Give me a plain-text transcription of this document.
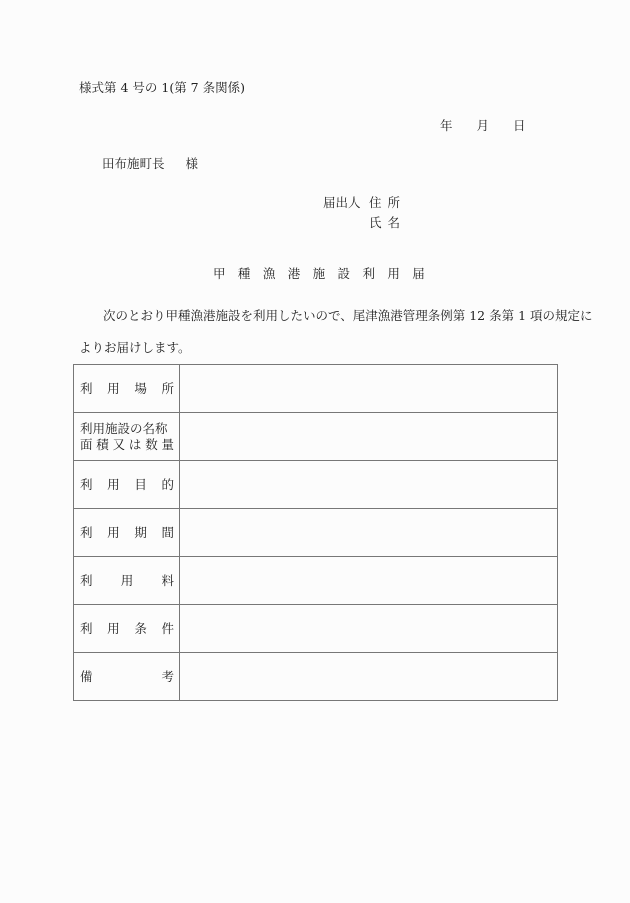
様式第 4 号の 1(第 7 条関係)
年 月 日
田布施町長 様
届出人 住所
氏名
甲 種 漁 港 施 設 利 用 届
次のとおり甲種漁港施設を利用したいので、尾津漁港管理条例第 12 条第 1 項の規定に
よりお届けします。
利 用 場 所	

利用施設の名称
面 積 又 は 数 量

利 用 目 的	

利 用 期 間	

利 用 料	

利 用 条 件	

備 考	
